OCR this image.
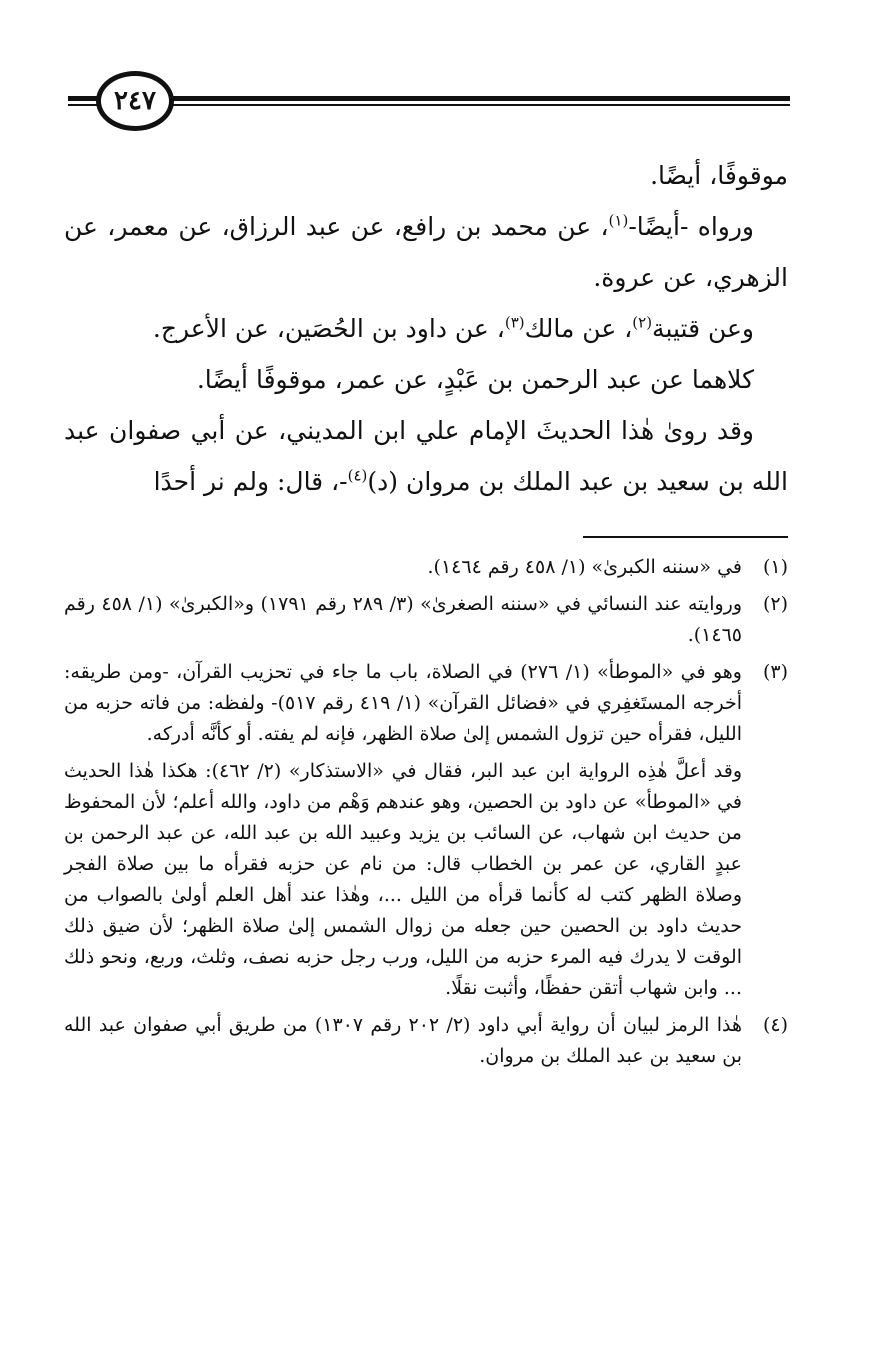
٢٤٧

موقوفًا، أيضًا.

ورواه -أيضًا-$^{(١)}$، عن محمد بن رافع، عن عبد الرزاق، عن معمر، عن الزهري، عن عروة.

وعن قتيبة$^{(٢)}$، عن مالك$^{(٣)}$، عن داود بن الحُصَين، عن الأعرج.

كلاهما عن عبد الرحمن بن عَبْدٍ، عن عمر، موقوفًا أيضًا.

وقد روىٰ هٰذا الحديثَ الإمام علي ابن المديني، عن أبي صفوان عبد الله بن سعيد بن عبد الملك بن مروان (د)$^{(٤)}$-، قال: ولم نر أحدًا

(١)
في «سننه الكبرىٰ» (١/ ٤٥٨ رقم ١٤٦٤).
(٢)
وروايته عند النسائي في «سننه الصغرىٰ» (٣/ ٢٨٩ رقم ١٧٩١) و«الكبرىٰ» (١/ ٤٥٨ رقم ١٤٦٥).
(٣)
وهو في «الموطأ» (١/ ٢٧٦) في الصلاة، باب ما جاء في تحزيب القرآن، -ومن طريقه: أخرجه المستَغفِري في «فضائل القرآن» (١/ ٤١٩ رقم ٥١٧)- ولفظه: من فاته حزبه من الليل، فقرأه حين تزول الشمس إلىٰ صلاة الظهر، فإنه لم يفته. أو كأنَّه أدركه.

وقد أعلَّ هٰذِه الرواية ابن عبد البر، فقال في «الاستذكار» (٢/ ٤٦٢): هكذا هٰذا الحديث في «الموطأ» عن داود بن الحصين، وهو عندهم وَهْم من داود، والله أعلم؛ لأن المحفوظ من حديث ابن شهاب، عن السائب بن يزيد وعبيد الله بن عبد الله، عن عبد الرحمن بن عبدٍ القاري، عن عمر بن الخطاب قال: من نام عن حزبه فقرأه ما بين صلاة الفجر وصلاة الظهر كتب له كأنما قرأه من الليل ...، وهٰذا عند أهل العلم أولىٰ بالصواب من حديث داود بن الحصين حين جعله من زوال الشمس إلىٰ صلاة الظهر؛ لأن ضيق ذلك الوقت لا يدرك فيه المرء حزبه من الليل، ورب رجل حزبه نصف، وثلث، وربع، ونحو ذلك ... وابن شهاب أتقن حفظًا، وأثبت نقلًا.

(٤)
هٰذا الرمز لبيان أن رواية أبي داود (٢/ ٢٠٢ رقم ١٣٠٧) من طريق أبي صفوان عبد الله بن سعيد بن عبد الملك بن مروان.
